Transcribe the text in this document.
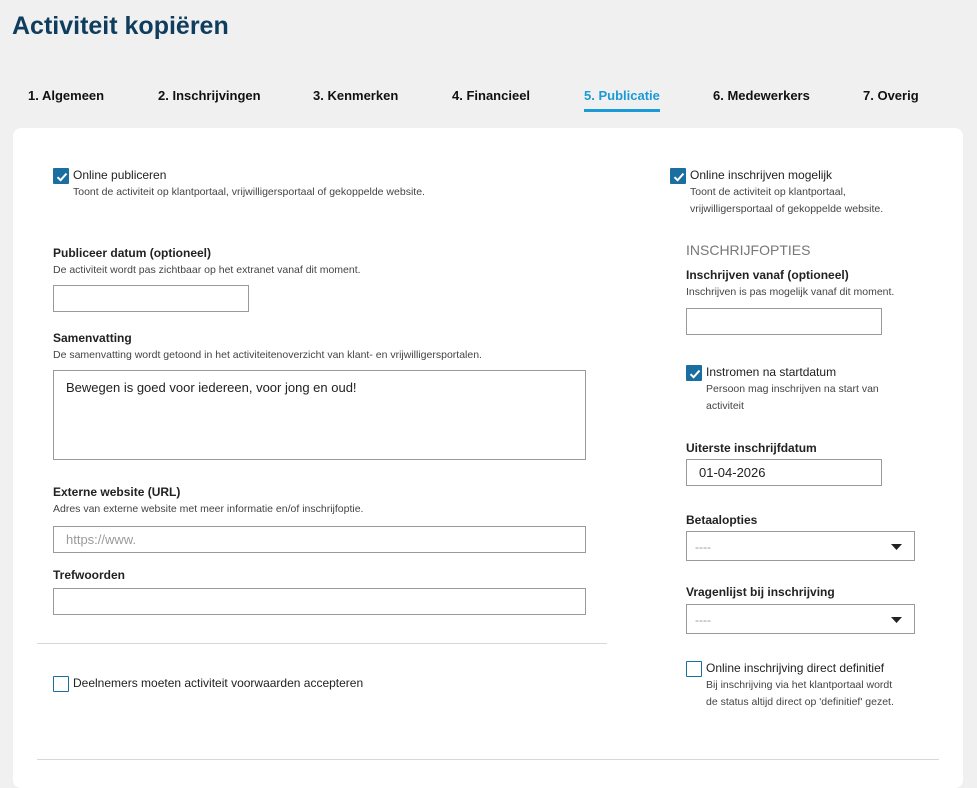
Activiteit kopiëren
1. Algemeen	2. Inschrijvingen	3. Kenmerken	4. Financieel	5. Publicatie	6. Medewerkers	7. Overig
Online publiceren
Toont de activiteit op klantportaal, vrijwilligersportaal of gekoppelde website.
Publiceer datum (optioneel)
De activiteit wordt pas zichtbaar op het extranet vanaf dit moment.
Samenvatting
De samenvatting wordt getoond in het activiteitenoverzicht van klant- en vrijwilligersportalen.
Bewegen is goed voor iedereen, voor jong en oud!
Externe website (URL)
Adres van externe website met meer informatie en/of inschrijfoptie.
https://www.
Trefwoorden
Deelnemers moeten activiteit voorwaarden accepteren
Online inschrijven mogelijk
Toont de activiteit op klantportaal,
vrijwilligersportaal of gekoppelde website.
INSCHRIJFOPTIES
Inschrijven vanaf (optioneel)
Inschrijven is pas mogelijk vanaf dit moment.
Instromen na startdatum
Persoon mag inschrijven na start van
activiteit
Uiterste inschrijfdatum
01-04-2026
Betaalopties
----
Vragenlijst bij inschrijving
----
Online inschrijving direct definitief
Bij inschrijving via het klantportaal wordt
de status altijd direct op 'definitief' gezet.
